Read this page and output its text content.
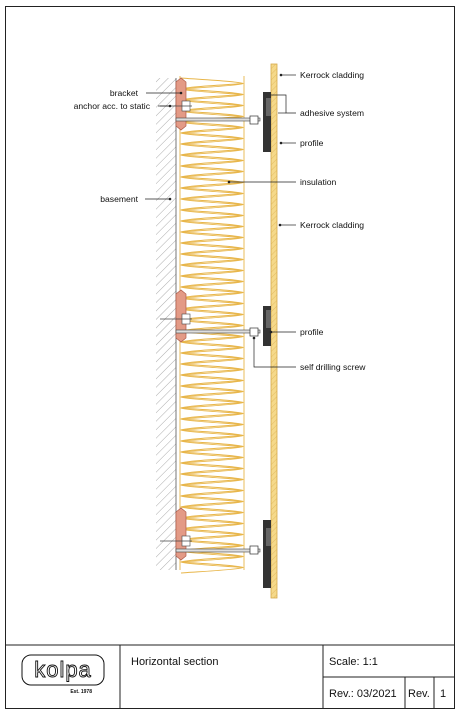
Kerrock cladding
bracket
anchor acc. to static
adhesive system
profile
insulation
basement
Kerrock cladding
profile
self drilling screw
kolpa
Est. 1978
Horizontal section	Scale: 1:1
Rev.: 03/2021 Rev. 1
